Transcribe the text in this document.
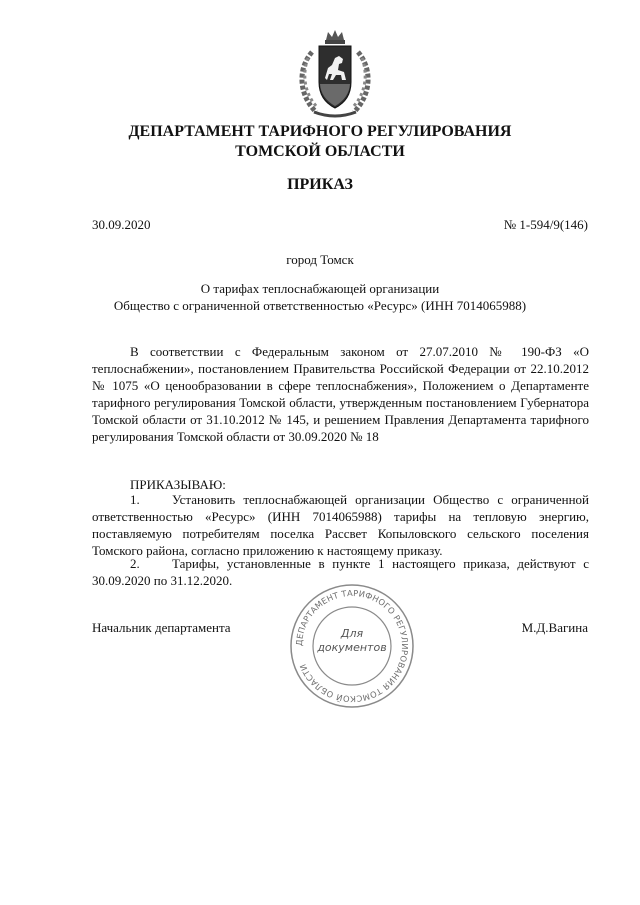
ДЕПАРТАМЕНТ ТАРИФНОГО РЕГУЛИРОВАНИЯ
ТОМСКОЙ ОБЛАСТИ
ПРИКАЗ
30.09.2020	№ 1-594/9(146)
город Томск
О тарифах теплоснабжающей организации
Общество с ограниченной ответственностью «Ресурс» (ИНН 7014065988)

В соответствии с Федеральным законом от 27.07.2010 № 190-ФЗ «О теплоснабжении», постановлением Правительства Российской Федерации от 22.10.2012 № 1075 «О ценообразовании в сфере теплоснабжения», Положением о Департаменте тарифного регулирования Томской области, утвержденным постановлением Губернатора Томской области от 31.10.2012 № 145, и решением Правления Департамента тарифного регулирования Томской области от 30.09.2020 № 18

ПРИКАЗЫВАЮ:

1. Установить теплоснабжающей организации Общество с ограниченной ответственностью «Ресурс» (ИНН 7014065988) тарифы на тепловую энергию, поставляемую потребителям поселка Рассвет Копыловского сельского поселения Томского района, согласно приложению к настоящему приказу.

2. Тарифы, установленные в пункте 1 настоящего приказа, действуют с 30.09.2020 по 31.12.2020.

Начальник департамента	М.Д.Вагина
ДЕПАРТАМЕНТ ТАРИФНОГО РЕГУЛИРОВАНИЯ ТОМСКОЙ ОБЛАСТИ
Для
документов
